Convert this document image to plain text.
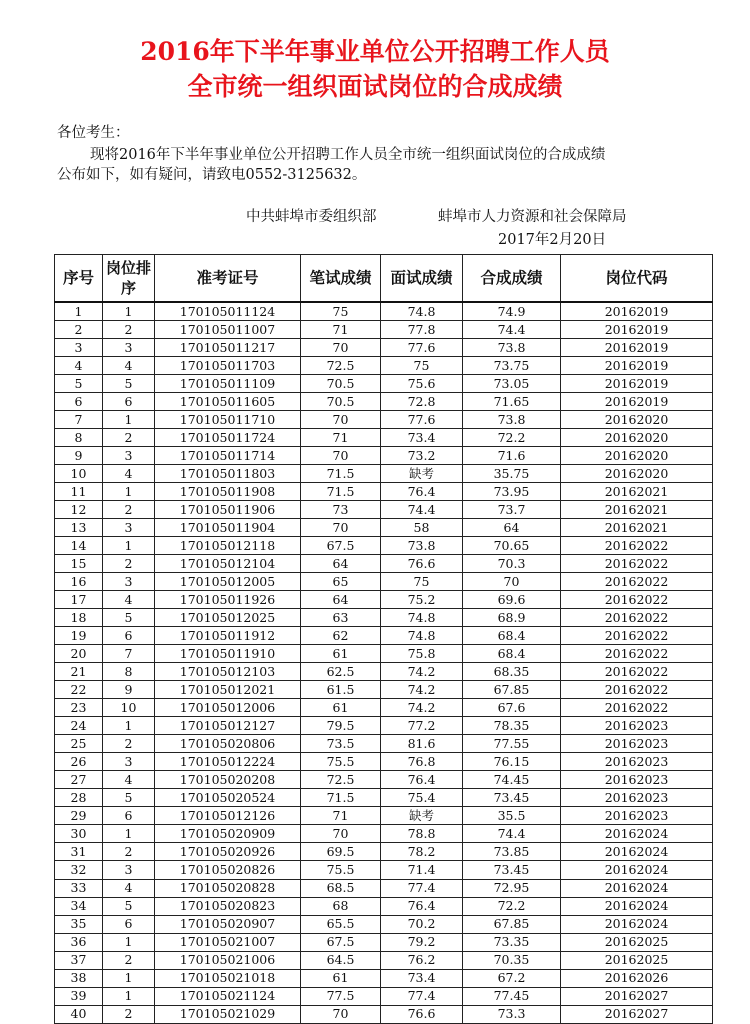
2016年下半年事业单位公开招聘工作人员
全市统一组织面试岗位的合成成绩
各位考生：
现将2016年下半年事业单位公开招聘工作人员全市统一组织面试岗位的合成成绩
公布如下，如有疑问，请致电0552-3125632。
中共蚌埠市委组织部	蚌埠市人力资源和社会保障局
2017年2月20日
序号	岗位排序	准考证号	笔试成绩	面试成绩	合成成绩	岗位代码
1	1	170105011124	75	74.8	74.9	20162019
2	2	170105011007	71	77.8	74.4	20162019
3	3	170105011217	70	77.6	73.8	20162019
4	4	170105011703	72.5	75	73.75	20162019
5	5	170105011109	70.5	75.6	73.05	20162019
6	6	170105011605	70.5	72.8	71.65	20162019
7	1	170105011710	70	77.6	73.8	20162020
8	2	170105011724	71	73.4	72.2	20162020
9	3	170105011714	70	73.2	71.6	20162020
10	4	170105011803	71.5	缺考	35.75	20162020
11	1	170105011908	71.5	76.4	73.95	20162021
12	2	170105011906	73	74.4	73.7	20162021
13	3	170105011904	70	58	64	20162021
14	1	170105012118	67.5	73.8	70.65	20162022
15	2	170105012104	64	76.6	70.3	20162022
16	3	170105012005	65	75	70	20162022
17	4	170105011926	64	75.2	69.6	20162022
18	5	170105012025	63	74.8	68.9	20162022
19	6	170105011912	62	74.8	68.4	20162022
20	7	170105011910	61	75.8	68.4	20162022
21	8	170105012103	62.5	74.2	68.35	20162022
22	9	170105012021	61.5	74.2	67.85	20162022
23	10	170105012006	61	74.2	67.6	20162022
24	1	170105012127	79.5	77.2	78.35	20162023
25	2	170105020806	73.5	81.6	77.55	20162023
26	3	170105012224	75.5	76.8	76.15	20162023
27	4	170105020208	72.5	76.4	74.45	20162023
28	5	170105020524	71.5	75.4	73.45	20162023
29	6	170105012126	71	缺考	35.5	20162023
30	1	170105020909	70	78.8	74.4	20162024
31	2	170105020926	69.5	78.2	73.85	20162024
32	3	170105020826	75.5	71.4	73.45	20162024
33	4	170105020828	68.5	77.4	72.95	20162024
34	5	170105020823	68	76.4	72.2	20162024
35	6	170105020907	65.5	70.2	67.85	20162024
36	1	170105021007	67.5	79.2	73.35	20162025
37	2	170105021006	64.5	76.2	70.35	20162025
38	1	170105021018	61	73.4	67.2	20162026
39	1	170105021124	77.5	77.4	77.45	20162027
40	2	170105021029	70	76.6	73.3	20162027
